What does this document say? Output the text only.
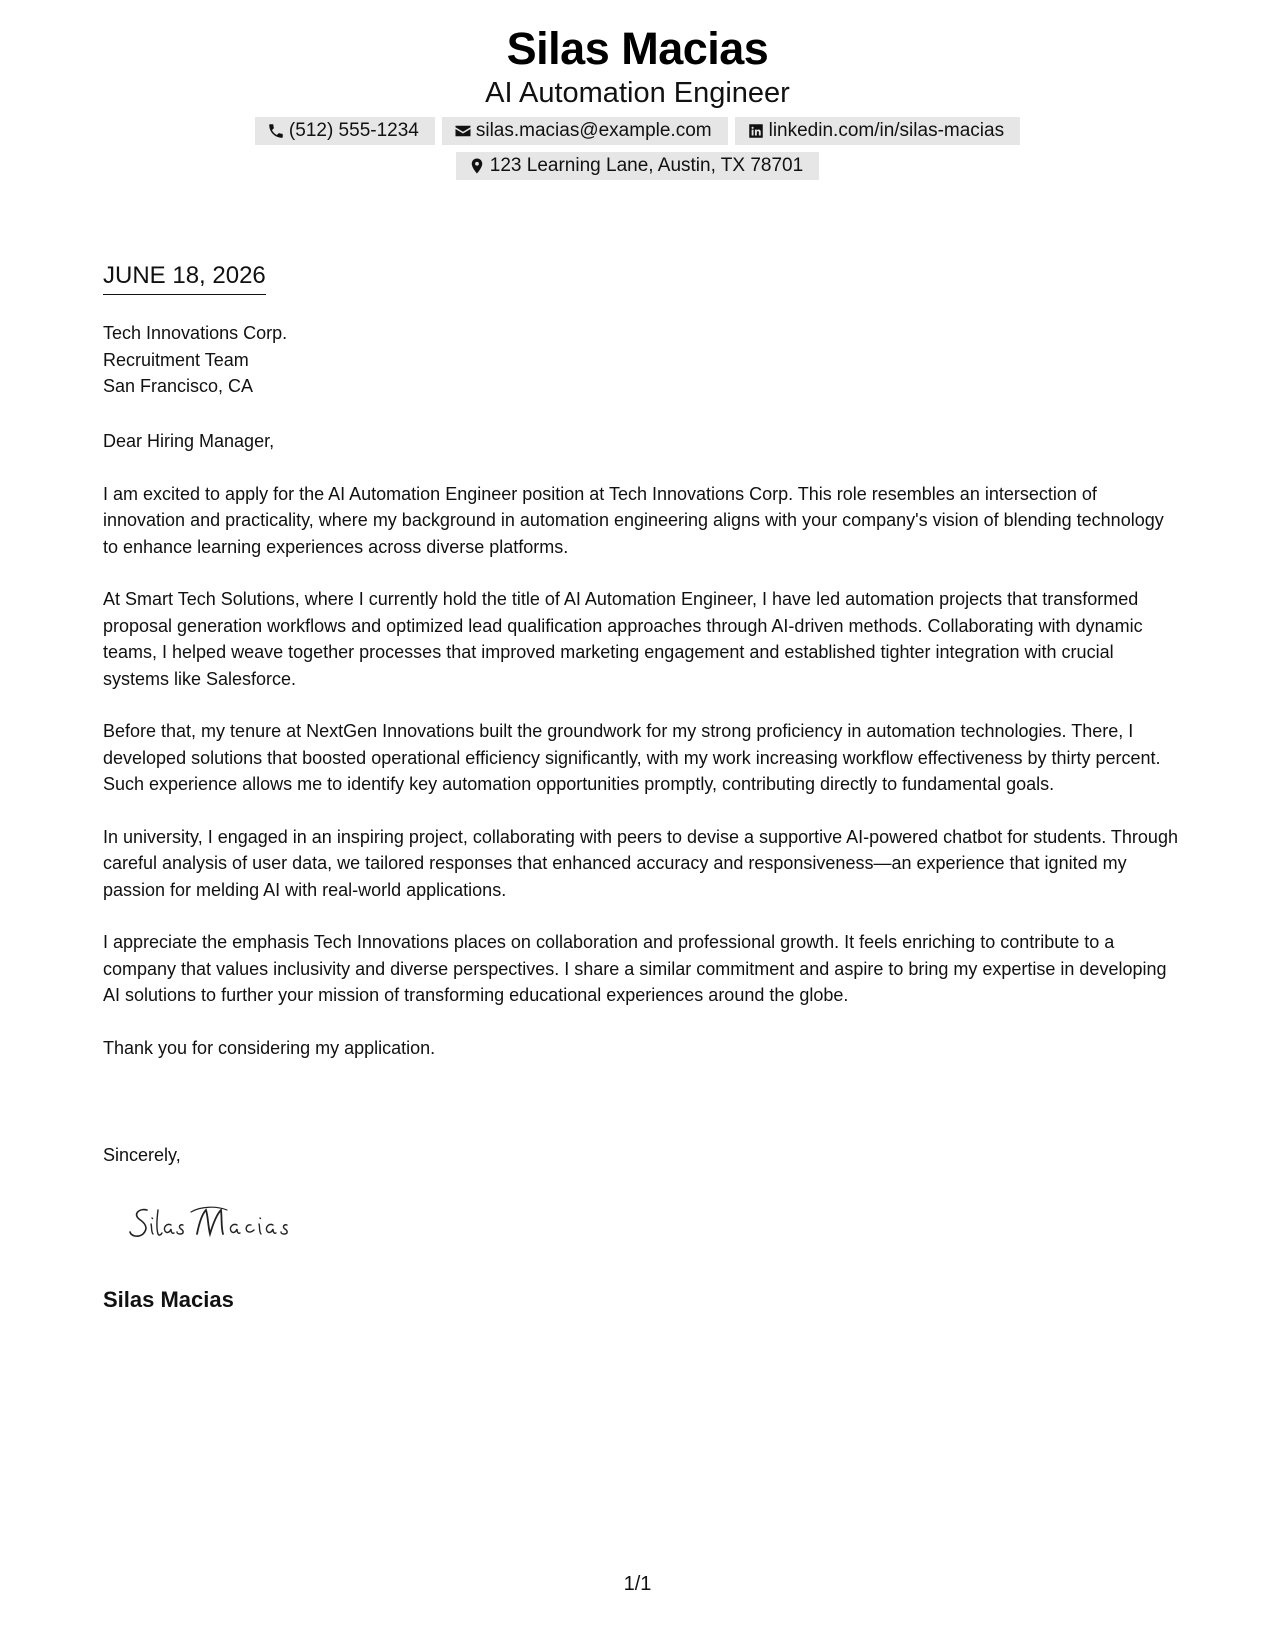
Silas Macias
AI Automation Engineer
(512) 555-1234	silas.macias@example.com	linkedin.com/in/silas-macias
123 Learning Lane, Austin, TX 78701
JUNE 18, 2026
Tech Innovations Corp.
Recruitment Team
San Francisco, CA

Dear Hiring Manager,

I am excited to apply for the AI Automation Engineer position at Tech Innovations Corp. This role resembles an intersection of innovation and practicality, where my background in automation engineering aligns with your company's vision of blending technology to enhance learning experiences across diverse platforms.

At Smart Tech Solutions, where I currently hold the title of AI Automation Engineer, I have led automation projects that transformed proposal generation workflows and optimized lead qualification approaches through AI-driven methods. Collaborating with dynamic teams, I helped weave together processes that improved marketing engagement and established tighter integration with crucial systems like Salesforce.

Before that, my tenure at NextGen Innovations built the groundwork for my strong proficiency in automation technologies. There, I developed solutions that boosted operational efficiency significantly, with my work increasing workflow effectiveness by thirty percent. Such experience allows me to identify key automation opportunities promptly, contributing directly to fundamental goals.

In university, I engaged in an inspiring project, collaborating with peers to devise a supportive AI-powered chatbot for students. Through careful analysis of user data, we tailored responses that enhanced accuracy and responsiveness—an experience that ignited my passion for melding AI with real-world applications.

I appreciate the emphasis Tech Innovations places on collaboration and professional growth. It feels enriching to contribute to a company that values inclusivity and diverse perspectives. I share a similar commitment and aspire to bring my expertise in developing AI solutions to further your mission of transforming educational experiences around the globe.

Thank you for considering my application.

Sincerely,
Silas Macias
1/1
